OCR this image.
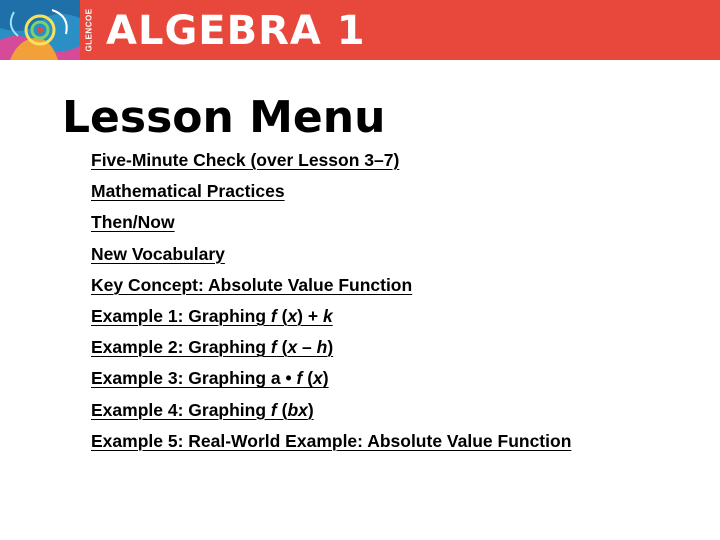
GLENCOE ALGEBRA 1
Lesson Menu
Five-Minute Check (over Lesson 3–7)
Mathematical Practices
Then/Now
New Vocabulary
Key Concept: Absolute Value Function
Example 1: Graphing f (x) + k
Example 2: Graphing f (x – h)
Example 3: Graphing a • f (x)
Example 4: Graphing f (bx)
Example 5: Real-World Example: Absolute Value Function
